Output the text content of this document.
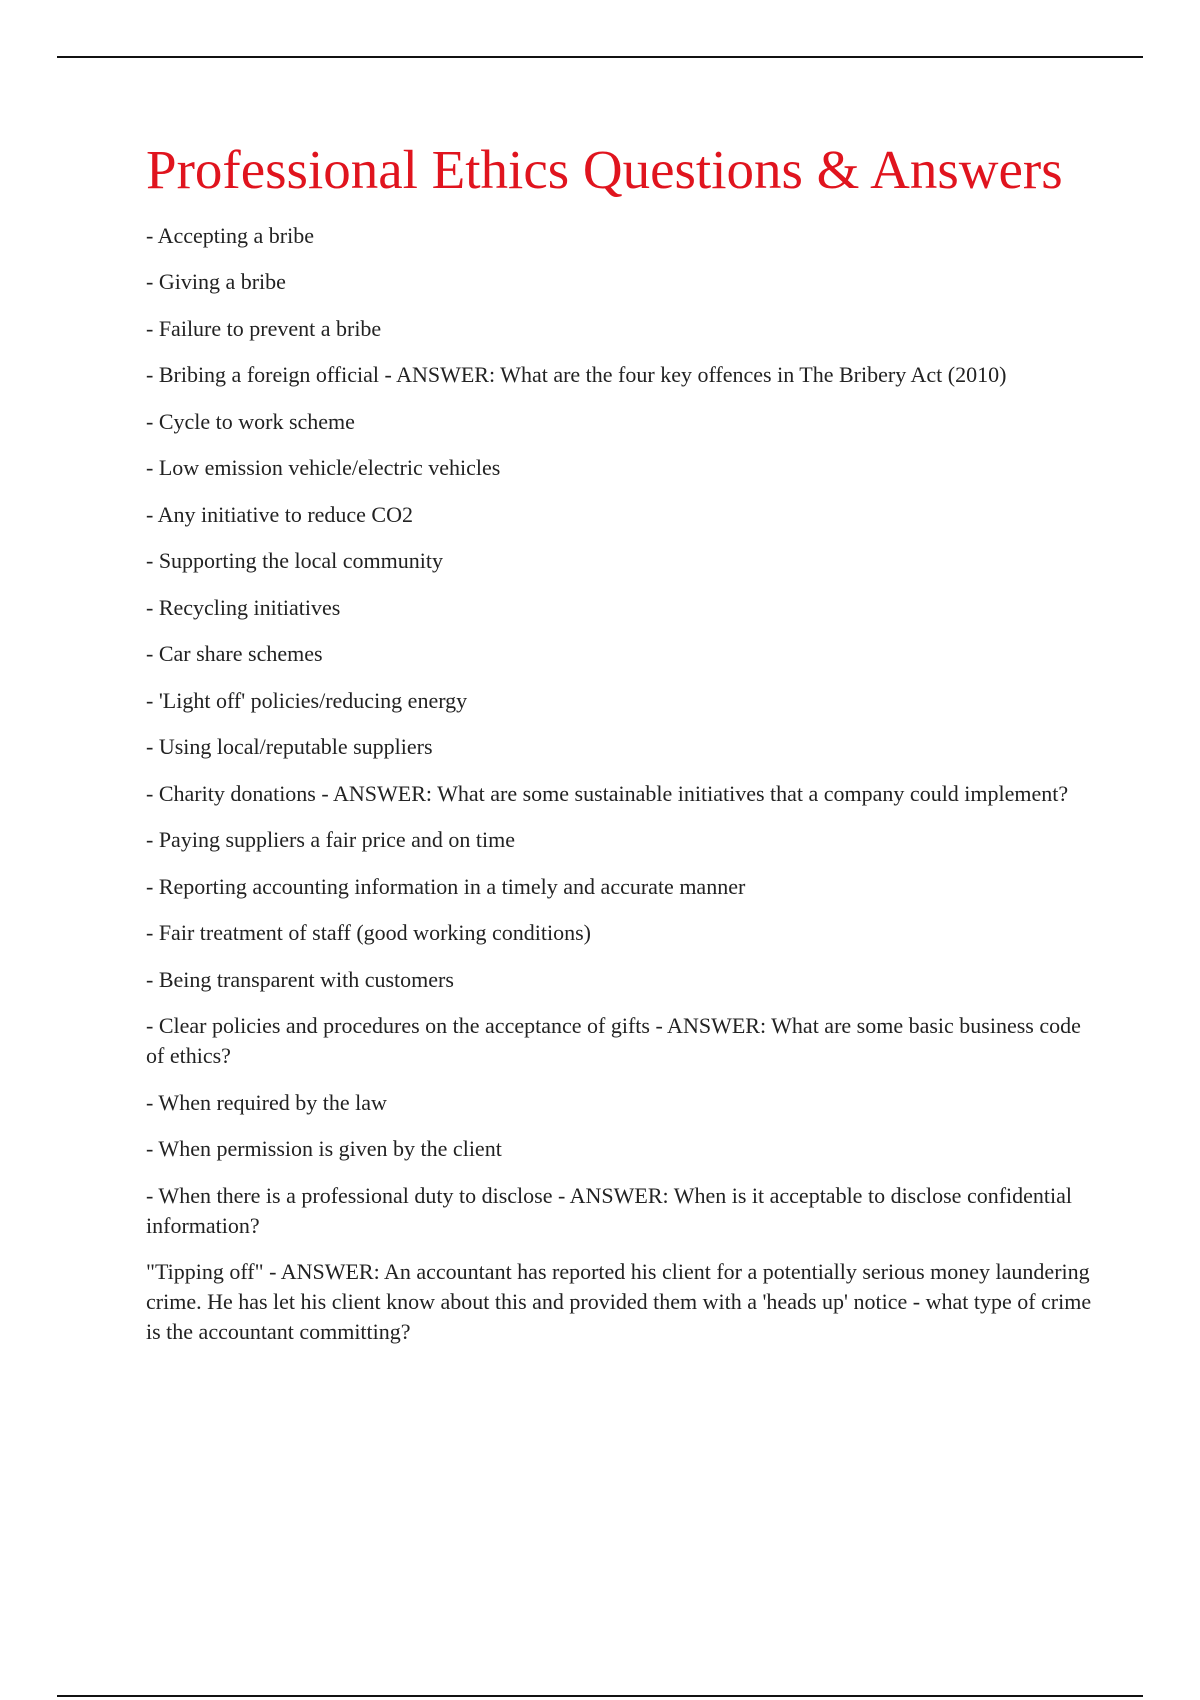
Professional Ethics Questions & Answers
- Accepting a bribe
- Giving a bribe
- Failure to prevent a bribe
- Bribing a foreign official - ANSWER: What are the four key offences in The Bribery Act (2010)
- Cycle to work scheme
- Low emission vehicle/electric vehicles
- Any initiative to reduce CO2
- Supporting the local community
- Recycling initiatives
- Car share schemes
- 'Light off' policies/reducing energy
- Using local/reputable suppliers
- Charity donations - ANSWER: What are some sustainable initiatives that a company could implement?
- Paying suppliers a fair price and on time
- Reporting accounting information in a timely and accurate manner
- Fair treatment of staff (good working conditions)
- Being transparent with customers
- Clear policies and procedures on the acceptance of gifts - ANSWER: What are some basic business code of ethics?
- When required by the law
- When permission is given by the client
- When there is a professional duty to disclose - ANSWER: When is it acceptable to disclose confidential information?
"Tipping off" - ANSWER: An accountant has reported his client for a potentially serious money laundering crime. He has let his client know about this and provided them with a 'heads up' notice - what type of crime is the accountant committing?
